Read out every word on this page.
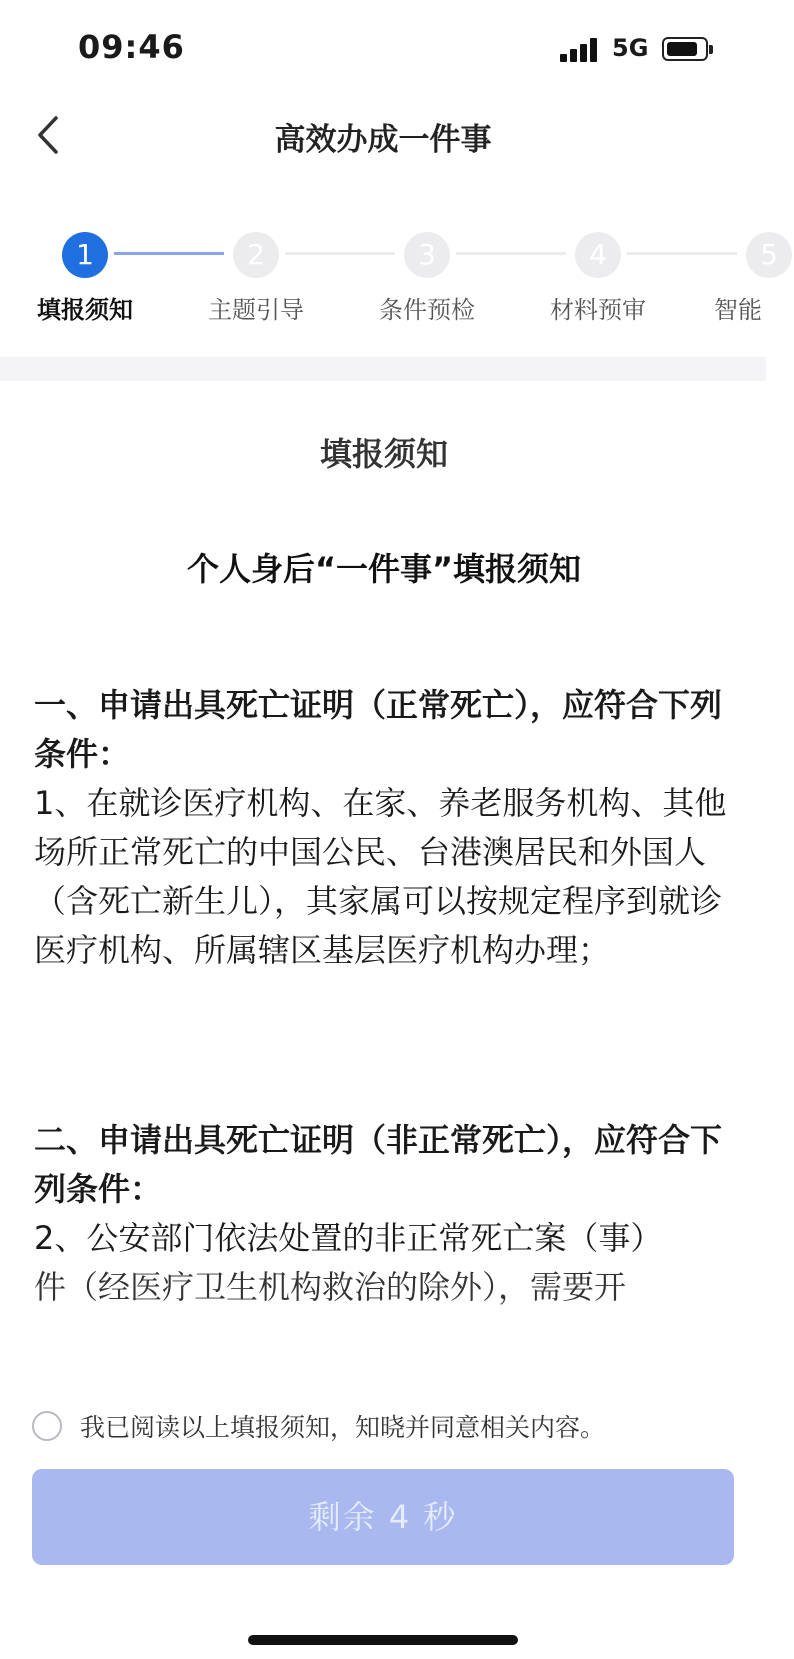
09:46	5G
高效办成一件事
1	2	3	4	5
填报须知	主题引导	条件预检	材料预审	智能
填报须知
个人身后“一件事”填报须知
一、申请出具死亡证明（正常死亡），应符合下列条件：
1、在就诊医疗机构、在家、养老服务机构、其他场所正常死亡的中国公民、台港澳居民和外国人（含死亡新生儿），其家属可以按规定程序到就诊医疗机构、所属辖区基层医疗机构办理；
二、申请出具死亡证明（非正常死亡），应符合下列条件：
2、公安部门依法处置的非正常死亡案（事）
件（经医疗卫生机构救治的除外），需要开
我已阅读以上填报须知，知晓并同意相关内容。
剩余 4 秒
